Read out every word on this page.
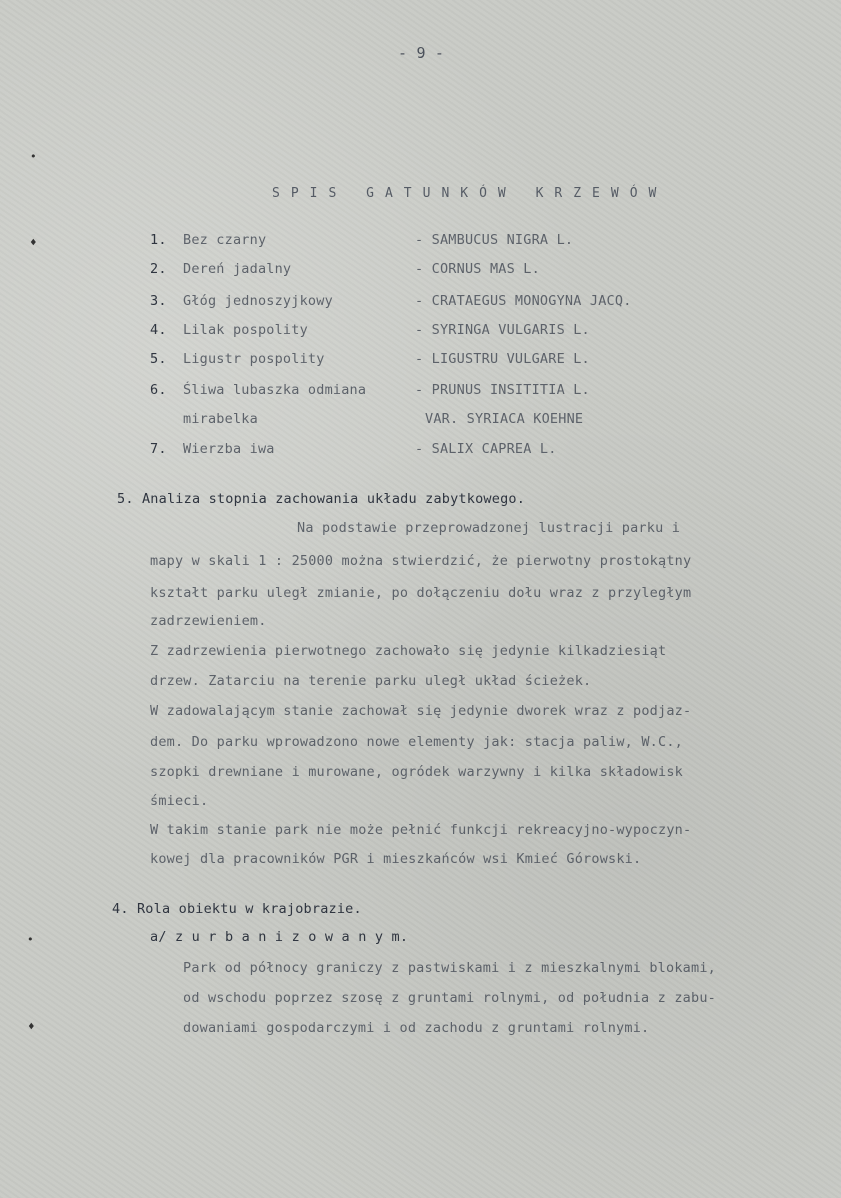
•
♦
•
♦
- 9 -
SPIS GATUNKÓW KRZEWÓW
1. Bez czarny	- SAMBUCUS NIGRA L.
2. Dereń jadalny	- CORNUS MAS L.
3. Głóg jednoszyjkowy	- CRATAEGUS MONOGYNA JACQ.
4. Lilak pospolity	- SYRINGA VULGARIS L.
5. Ligustr pospolity	- LIGUSTRU VULGARE L.
6. Śliwa lubaszka odmiana	- PRUNUS INSITITIA L.
mirabelka	VAR. SYRIACA KOEHNE
7. Wierzba iwa	- SALIX CAPREA L.
5. Analiza stopnia zachowania układu zabytkowego.
Na podstawie przeprowadzonej lustracji parku i
mapy w skali 1 : 25000 można stwierdzić, że pierwotny prostokątny
kształt parku uległ zmianie, po dołączeniu dołu wraz z przyległym
zadrzewieniem.
Z zadrzewienia pierwotnego zachowało się jedynie kilkadziesiąt
drzew. Zatarciu na terenie parku uległ układ ścieżek.
W zadowalającym stanie zachował się jedynie dworek wraz z podjaz-
dem. Do parku wprowadzono nowe elementy jak: stacja paliw, W.C.,
szopki drewniane i murowane, ogródek warzywny i kilka składowisk
śmieci.
W takim stanie park nie może pełnić funkcji rekreacyjno-wypoczyn-
kowej dla pracowników PGR i mieszkańców wsi Kmieć Górowski.
4. Rola obiektu w krajobrazie.
a/ z u r b a n i z o w a n y m.
Park od północy graniczy z pastwiskami i z mieszkalnymi blokami,
od wschodu poprzez szosę z gruntami rolnymi, od południa z zabu-
dowaniami gospodarczymi i od zachodu z gruntami rolnymi.
